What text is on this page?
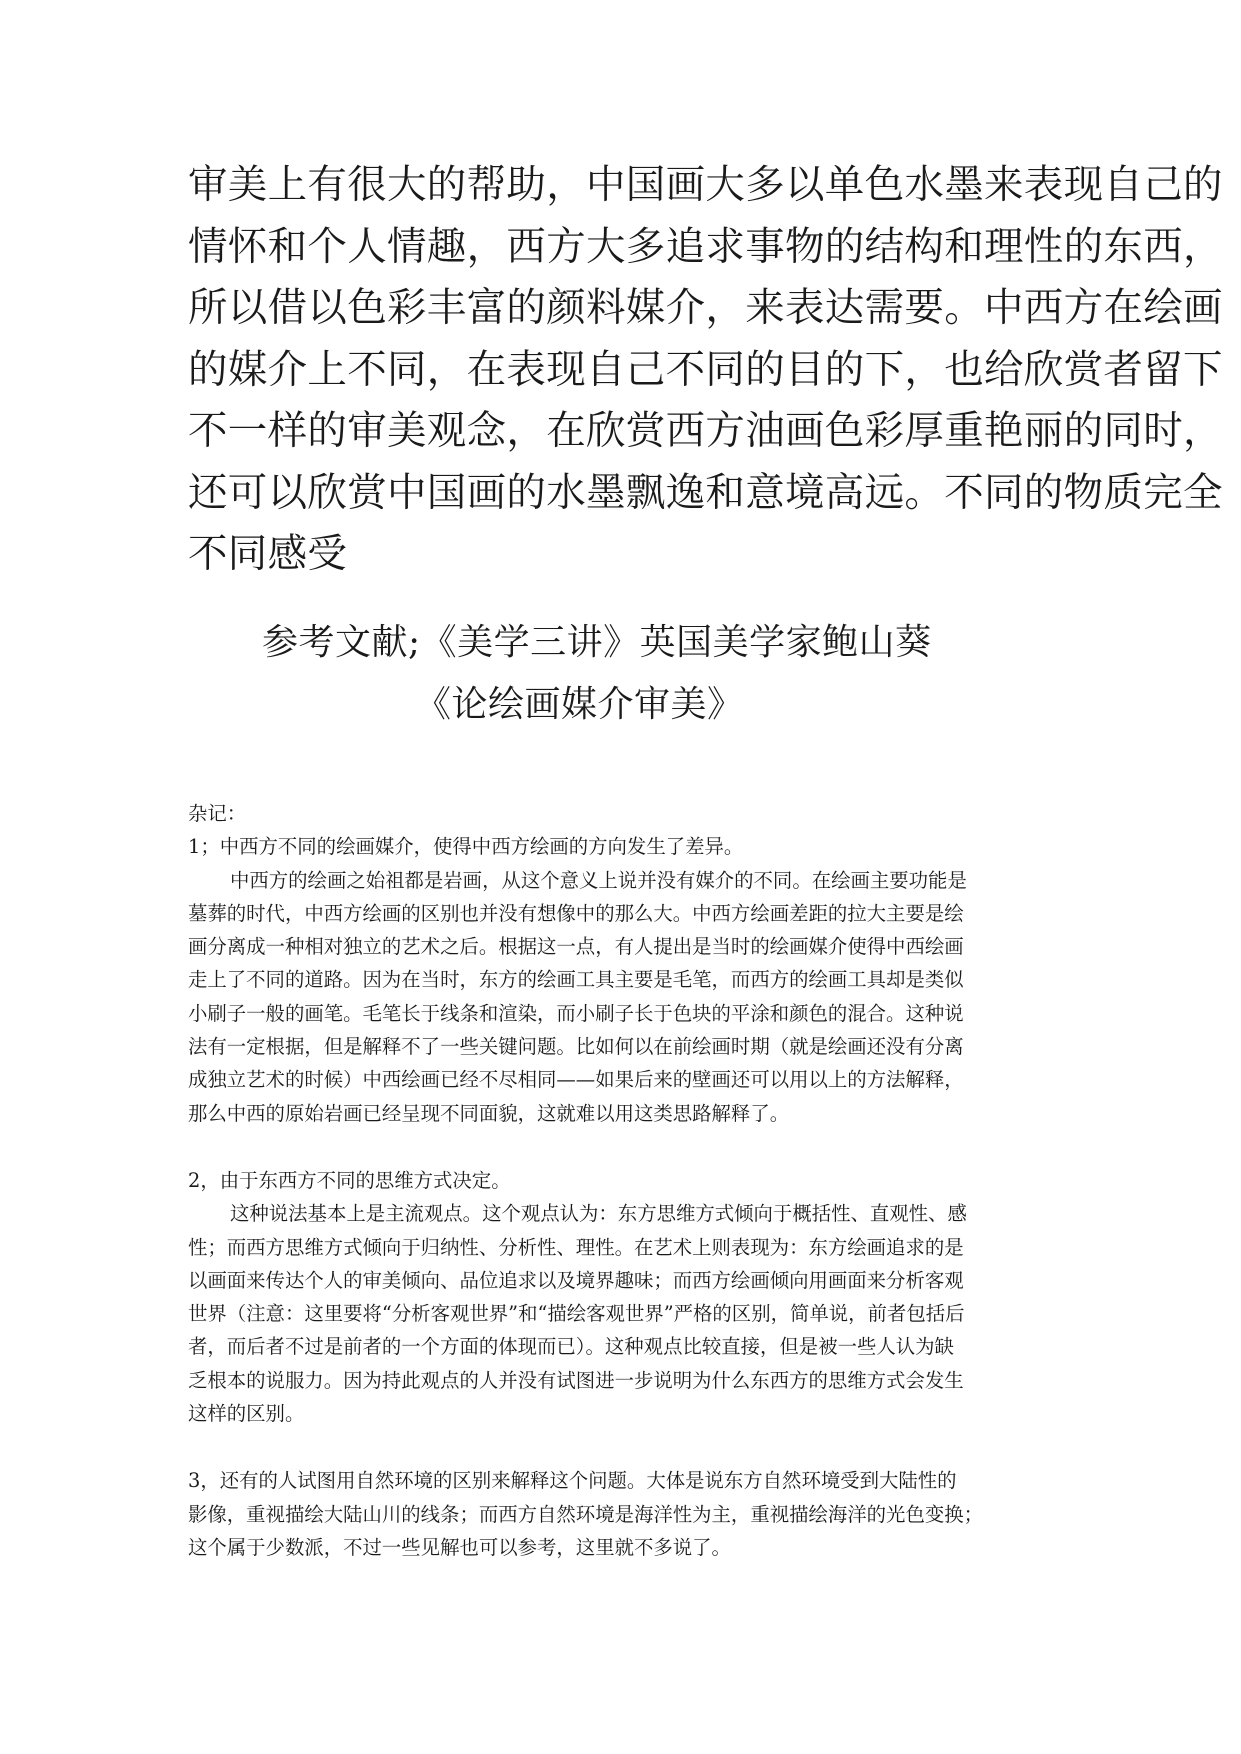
审美上有很大的帮助，中国画大多以单色水墨来表现自己的
情怀和个人情趣，西方大多追求事物的结构和理性的东西，
所以借以色彩丰富的颜料媒介，来表达需要。中西方在绘画
的媒介上不同，在表现自己不同的目的下，也给欣赏者留下
不一样的审美观念，在欣赏西方油画色彩厚重艳丽的同时，
还可以欣赏中国画的水墨飘逸和意境高远。不同的物质完全
不同感受
参考文献;《美学三讲》英国美学家鲍山葵
《论绘画媒介审美》
杂记：
1；中西方不同的绘画媒介，使得中西方绘画的方向发生了差异。
中西方的绘画之始祖都是岩画，从这个意义上说并没有媒介的不同。在绘画主要功能是
墓葬的时代，中西方绘画的区别也并没有想像中的那么大。中西方绘画差距的拉大主要是绘
画分离成一种相对独立的艺术之后。根据这一点，有人提出是当时的绘画媒介使得中西绘画
走上了不同的道路。因为在当时，东方的绘画工具主要是毛笔，而西方的绘画工具却是类似
小刷子一般的画笔。毛笔长于线条和渲染，而小刷子长于色块的平涂和颜色的混合。这种说
法有一定根据，但是解释不了一些关键问题。比如何以在前绘画时期（就是绘画还没有分离
成独立艺术的时候）中西绘画已经不尽相同——如果后来的壁画还可以用以上的方法解释，
那么中西的原始岩画已经呈现不同面貌，这就难以用这类思路解释了。
2，由于东西方不同的思维方式决定。
这种说法基本上是主流观点。这个观点认为：东方思维方式倾向于概括性、直观性、感
性；而西方思维方式倾向于归纳性、分析性、理性。在艺术上则表现为：东方绘画追求的是
以画面来传达个人的审美倾向、品位追求以及境界趣味；而西方绘画倾向用画面来分析客观
世界（注意：这里要将“分析客观世界”和“描绘客观世界”严格的区别，简单说，前者包括后
者，而后者不过是前者的一个方面的体现而已）。这种观点比较直接，但是被一些人认为缺
乏根本的说服力。因为持此观点的人并没有试图进一步说明为什么东西方的思维方式会发生
这样的区别。
3，还有的人试图用自然环境的区别来解释这个问题。大体是说东方自然环境受到大陆性的
影像，重视描绘大陆山川的线条；而西方自然环境是海洋性为主，重视描绘海洋的光色变换；
这个属于少数派，不过一些见解也可以参考，这里就不多说了。
